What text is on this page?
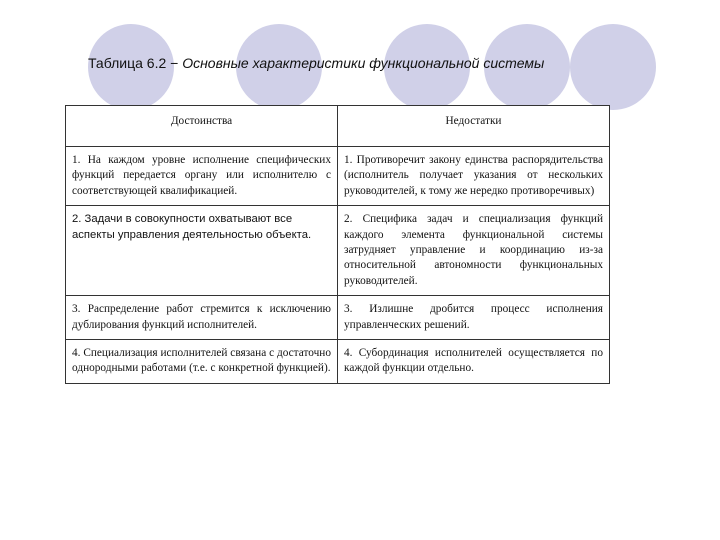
Таблица 6.2 − Основные характеристики функциональной системы
Достоинства	Недостатки
1. На каждом уровне исполнение специфических функций передается органу или исполнителю с соответствующей квалификацией.	1. Противоречит закону единства распорядительства (исполнитель получает указания от нескольких руководителей, к тому же нередко противоречивых)
2. Задачи в совокупности охватывают все аспекты управления деятельностью объекта.	2. Специфика задач и специализация функций каждого элемента функциональной системы затрудняет управление и координацию из-за относительной автономности функциональных руководителей.
3. Распределение работ стремится к исключению дублирования функций исполнителей.	3. Излишне дробится процесс исполнения управленческих решений.
4. Специализация исполнителей связана с достаточно однородными работами (т.е. с конкретной функцией).	4. Субординация исполнителей осуществляется по каждой функции отдельно.
